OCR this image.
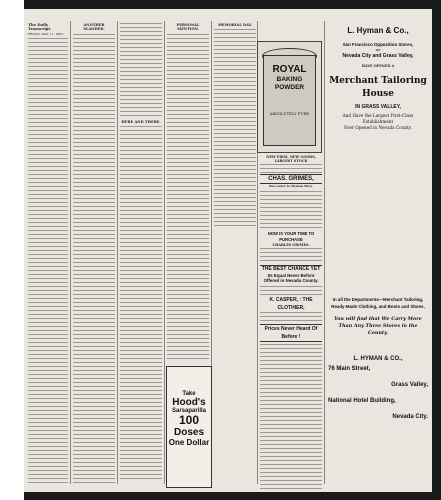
The Daily Transcript.
FRIDAY, MAY 11, 1883.
ANOTHER SLANDER.
HERE AND THERE.
PERSONAL MENTION.
Take
Hood's
Sarsaparilla
100
Doses
One Dollar
MEMORIAL DAY.
ROYAL
BAKING
POWDER
ABSOLUTELY PURE
NEW FIRM, NEW GOODS, LARGEST STOCK
CHAS. GRIMES,
Successor to Hyman Bros.
NOW IS YOUR TIME TO PURCHASE
CHARLES GRIMES.
THE BEST CHANCE YET
Its Equal Never Before Offered in Nevada County.
K. CASPER, : THE CLOTHIER,
Prices Never Heard Of Before !
L. Hyman & Co.,
San Francisco Opposition Stores,
OF
Nevada City and Grass Valley,
HAVE OPENED A
Merchant Tailoring House
IN GRASS VALLEY,
And Have the Largest First-Class Establishment
Ever Opened in Nevada County.
In all the Departments—Merchant Tailoring, Ready-Made Clothing, and Boots and Shoes,
You will find that We Carry More Than Any Three Stores in the County.
L. HYMAN & CO.,
76 Main Street,
Grass Valley,
National Hotel Building,
Nevada City.
